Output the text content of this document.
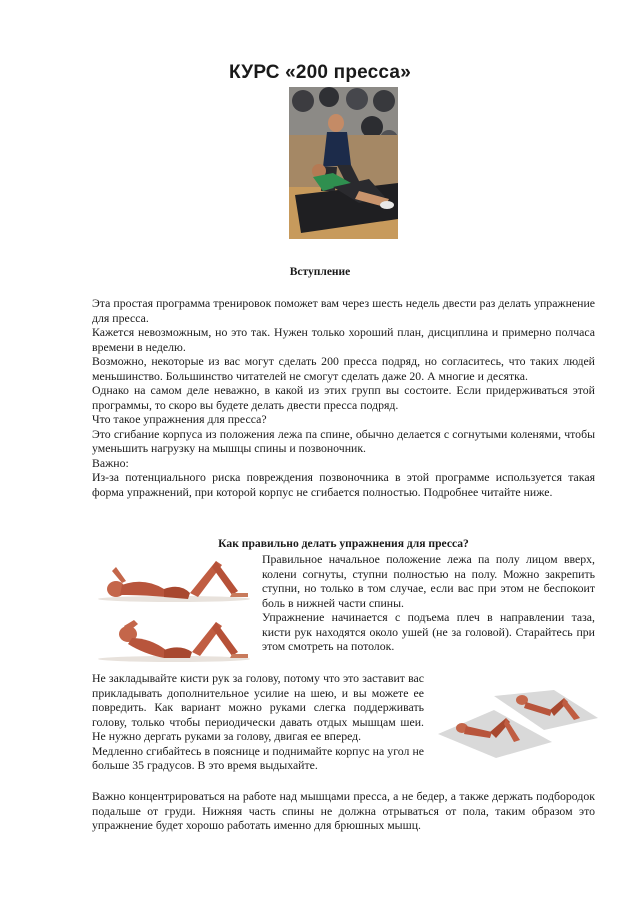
КУРС «200 пресса»
Вступление

Эта простая программа тренировок поможет вам через шесть недель двести раз делать упражнение для пресса.

Кажется невозможным, но это так. Нужен только хороший план, дисциплина и примерно полчаса времени в неделю.

Возможно, некоторые из вас могут сделать 200 пресса подряд, но согласитесь, что таких людей меньшинство. Большинство читателей не смогут сделать даже 20. А многие и десятка.

Однако на самом деле неважно, в какой из этих групп вы состоите. Если придерживаться этой программы, то скоро вы будете делать двести пресса подряд.

Что такое упражнения для пресса?

Это сгибание корпуса из положения лежа па спине, обычно делается с согнутыми коленями, чтобы уменьшить нагрузку на мышцы спины и позвоночник.

Важно:

Из-за потенциального риска повреждения позвоночника в этой программе используется такая форма упражнений, при которой корпус не сгибается полностью. Подробнее читайте ниже.

Как правильно делать упражнения для пресса?

Правильное начальное положение лежа па полу лицом вверх, колени согнуты, ступни полностью на полу. Можно закрепить ступни, но только в том случае, если вас при этом не беспокоит боль в нижней части спины.

Упражнение начинается с подъема плеч в направлении таза, кисти рук находятся около ушей (не за головой). Старайтесь при этом смотреть на потолок.

Не закладывайте кисти рук за голову, потому что это заставит вас прикладывать дополнительное усилие на шею, и вы можете ее повредить. Как вариант можно руками слегка поддерживать голову, только чтобы периодически давать отдых мышцам шеи. Не нужно дергать руками за голову, двигая ее вперед.

Медленно сгибайтесь в пояснице и поднимайте корпус на угол не больше 35 градусов. В это время выдыхайте.

Важно концентрироваться на работе над мышцами пресса, а не бедер, а также держать подбородок подальше от груди. Нижняя часть спины не должна отрываться от пола, таким образом это упражнение будет хорошо работать именно для брюшных мышц.
